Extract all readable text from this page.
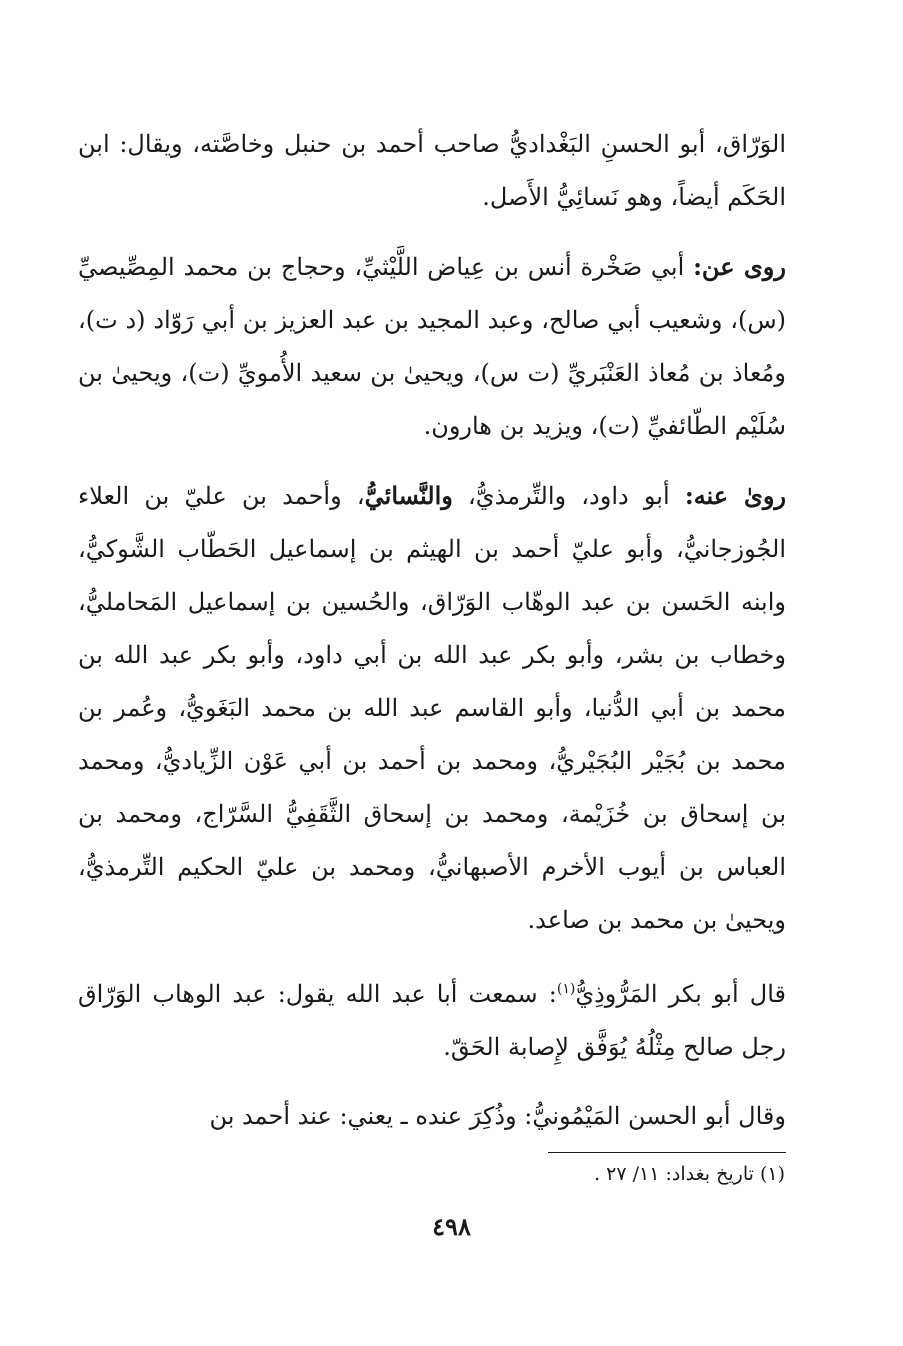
الوَرّاق، أبو الحسنِ البَغْداديُّ صاحب أحمد بن حنبل وخاصَّته، ويقال: ابن الحَكَم أيضاً، وهو نَسائِيُّ الأَصل.

روى عن: أبي صَخْرة أنس بن عِياض اللَّيْثيِّ، وحجاج بن محمد المِصِّيصيِّ (س)، وشعيب أبي صالح، وعبد المجيد بن عبد العزيز بن أبي رَوّاد (د ت)، ومُعاذ بن مُعاذ العَنْبَريِّ (ت س)، ويحيىٰ بن سعيد الأُمويِّ (ت)، ويحيىٰ بن سُلَيْم الطّائفيِّ (ت)، ويزيد بن هارون.

روىٰ عنه: أبو داود، والتِّرمذيُّ، والنَّسائيُّ، وأحمد بن عليّ بن العلاء الجُوزجانيُّ، وأبو عليّ أحمد بن الهيثم بن إسماعيل الحَطّاب الشَّوكيُّ، وابنه الحَسن بن عبد الوهّاب الوَرّاق، والحُسين بن إسماعيل المَحامليُّ، وخطاب بن بشر، وأبو بكر عبد الله بن أبي داود، وأبو بكر عبد الله بن محمد بن أبي الدُّنيا، وأبو القاسم عبد الله بن محمد البَغَويُّ، وعُمر بن محمد بن بُجَيْر البُجَيْريُّ، ومحمد بن أحمد بن أبي عَوْن الزِّياديُّ، ومحمد بن إسحاق بن خُزَيْمة، ومحمد بن إسحاق الثَّقَفِيُّ السَّرّاج، ومحمد بن العباس بن أيوب الأخرم الأصبهانيُّ، ومحمد بن عليّ الحكيم التِّرمذيُّ، ويحيىٰ بن محمد بن صاعد.

قال أبو بكر المَرُّوذِيُّ$^{(١)}$: سمعت أبا عبد الله يقول: عبد الوهاب الوَرّاق رجل صالح مِثْلُهُ يُوَفَّق لإِصابة الحَقّ.

وقال أبو الحسن المَيْمُونيُّ: وذُكِرَ عنده ـ يعني: عند أحمد بن

(١) تاريخ بغداد: ١١/ ٢٧ .
٤٩٨
